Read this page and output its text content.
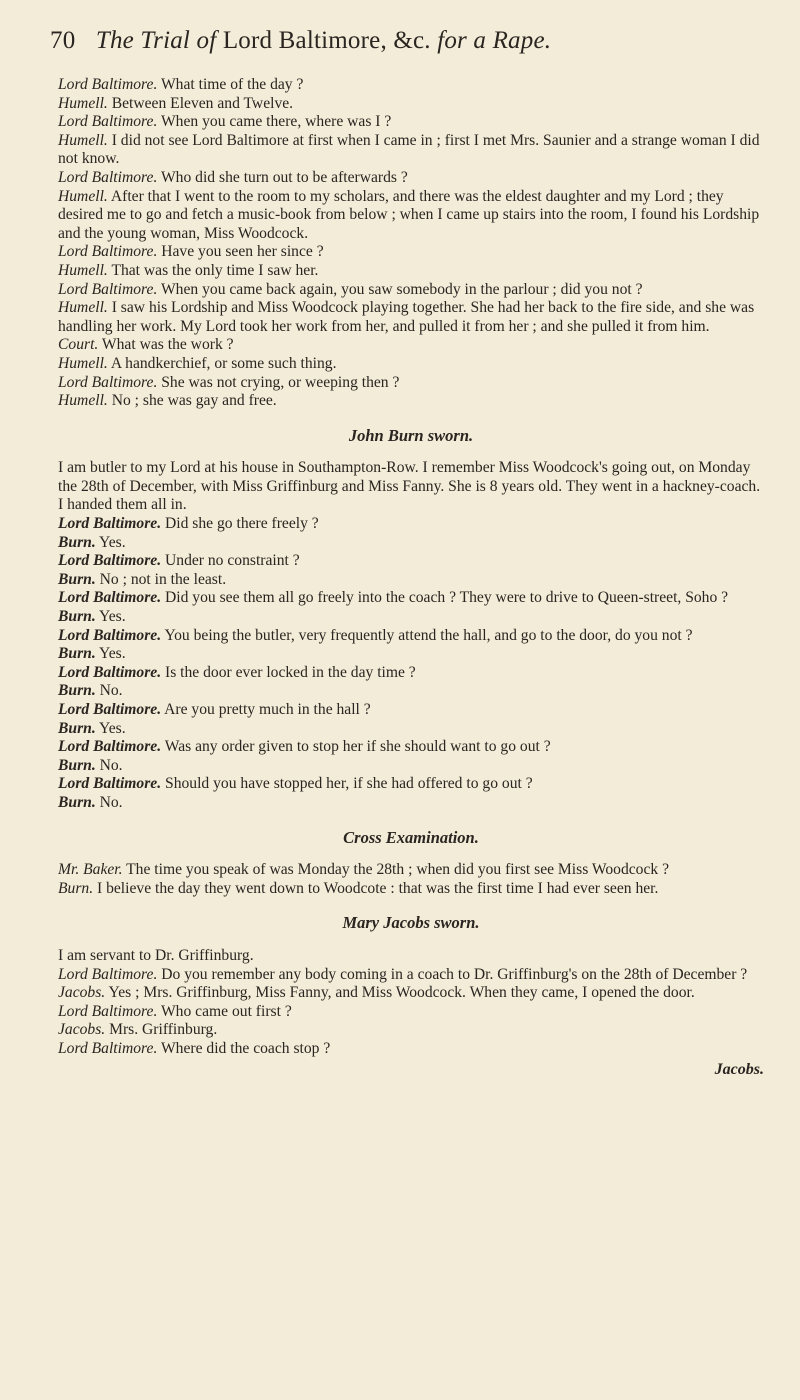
70 The Trial of Lord Baltimore, &c. for a Rape.

Lord Baltimore. What time of the day ?

Humell. Between Eleven and Twelve.

Lord Baltimore. When you came there, where was I ?

Humell. I did not see Lord Baltimore at first when I came in ; first I met Mrs. Saunier and a strange woman I did not know.

Lord Baltimore. Who did she turn out to be afterwards ?

Humell. After that I went to the room to my scholars, and there was the eldest daughter and my Lord ; they desired me to go and fetch a music-book from below ; when I came up stairs into the room, I found his Lordship and the young woman, Miss Woodcock.

Lord Baltimore. Have you seen her since ?

Humell. That was the only time I saw her.

Lord Baltimore. When you came back again, you saw somebody in the parlour ; did you not ?

Humell. I saw his Lordship and Miss Woodcock playing together. She had her back to the fire side, and she was handling her work. My Lord took her work from her, and pulled it from her ; and she pulled it from him.

Court. What was the work ?

Humell. A handkerchief, or some such thing.

Lord Baltimore. She was not crying, or weeping then ?

Humell. No ; she was gay and free.

John Burn sworn.

I am butler to my Lord at his house in Southampton-Row. I remember Miss Woodcock's going out, on Monday the 28th of December, with Miss Griffinburg and Miss Fanny. She is 8 years old. They went in a hackney-coach. I handed them all in.

Lord Baltimore. Did she go there freely ?

Burn. Yes.

Lord Baltimore. Under no constraint ?

Burn. No ; not in the least.

Lord Baltimore. Did you see them all go freely into the coach ? They were to drive to Queen-street, Soho ?

Burn. Yes.

Lord Baltimore. You being the butler, very frequently attend the hall, and go to the door, do you not ?

Burn. Yes.

Lord Baltimore. Is the door ever locked in the day time ?

Burn. No.

Lord Baltimore. Are you pretty much in the hall ?

Burn. Yes.

Lord Baltimore. Was any order given to stop her if she should want to go out ?

Burn. No.

Lord Baltimore. Should you have stopped her, if she had offered to go out ?

Burn. No.

Cross Examination.

Mr. Baker. The time you speak of was Monday the 28th ; when did you first see Miss Woodcock ?

Burn. I believe the day they went down to Woodcote : that was the first time I had ever seen her.

Mary Jacobs sworn.

I am servant to Dr. Griffinburg.

Lord Baltimore. Do you remember any body coming in a coach to Dr. Griffinburg's on the 28th of December ?

Jacobs. Yes ; Mrs. Griffinburg, Miss Fanny, and Miss Woodcock. When they came, I opened the door.

Lord Baltimore. Who came out first ?

Jacobs. Mrs. Griffinburg.

Lord Baltimore. Where did the coach stop ?

Jacobs.
